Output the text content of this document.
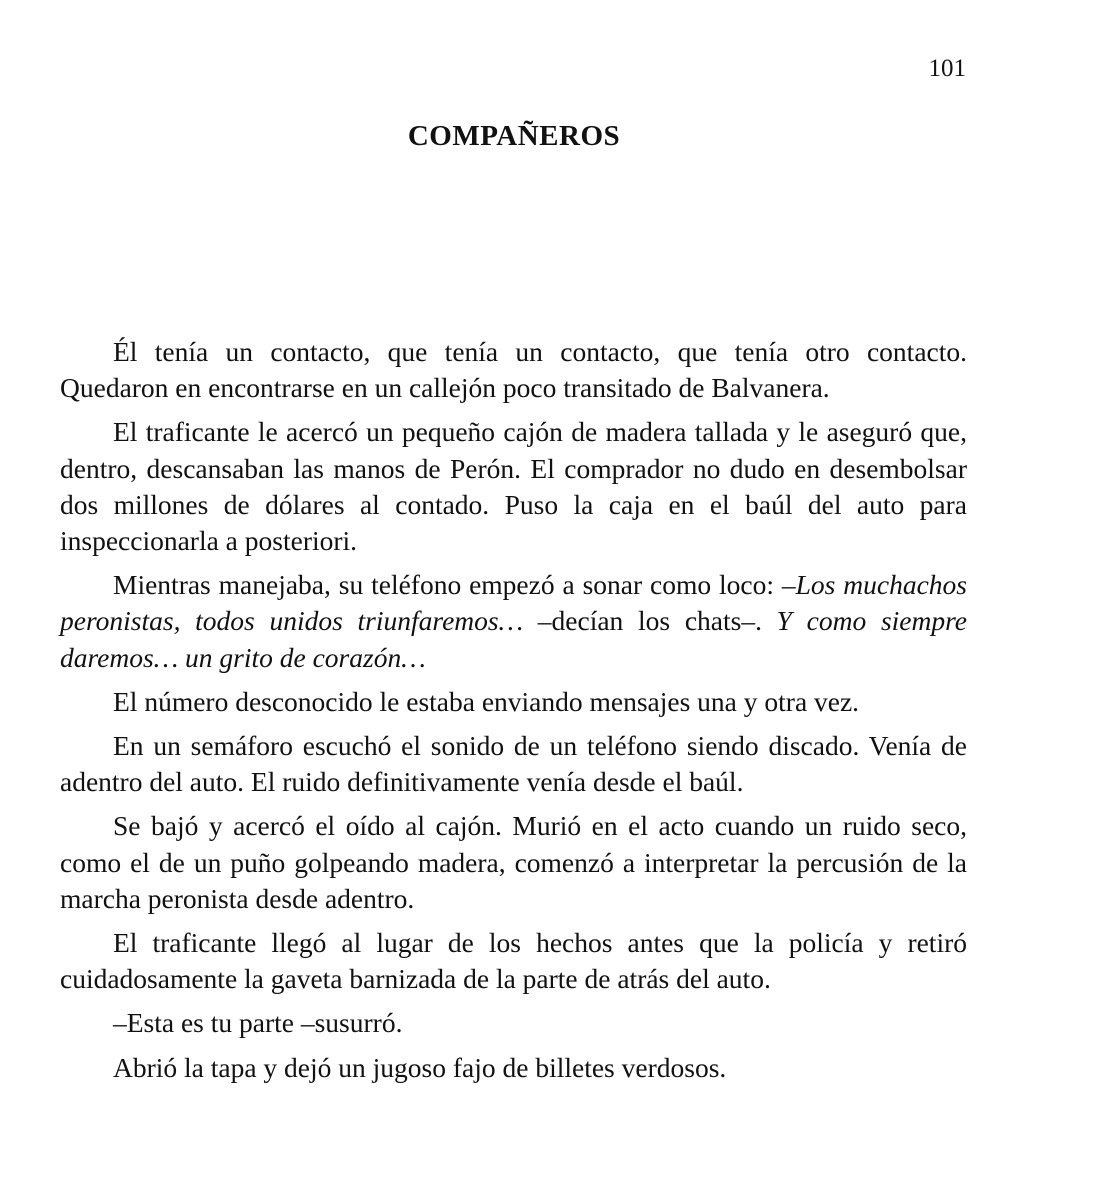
101
COMPAÑEROS

Él tenía un contacto, que tenía un contacto, que tenía otro contacto. Quedaron en encontrarse en un callejón poco transitado de Balvanera.

El traficante le acercó un pequeño cajón de madera tallada y le aseguró que, dentro, descansaban las manos de Perón. El comprador no dudo en desembolsar dos millones de dólares al contado. Puso la caja en el baúl del auto para inspeccionarla a posteriori.

Mientras manejaba, su teléfono empezó a sonar como loco: –Los muchachos peronistas, todos unidos triunfaremos… –decían los chats–. Y como siempre daremos… un grito de corazón…

El número desconocido le estaba enviando mensajes una y otra vez.

En un semáforo escuchó el sonido de un teléfono siendo discado. Venía de adentro del auto. El ruido definitivamente venía desde el baúl.

Se bajó y acercó el oído al cajón. Murió en el acto cuando un ruido seco, como el de un puño golpeando madera, comenzó a interpretar la percusión de la marcha peronista desde adentro.

El traficante llegó al lugar de los hechos antes que la policía y retiró cuidadosamente la gaveta barnizada de la parte de atrás del auto.

–Esta es tu parte –susurró.

Abrió la tapa y dejó un jugoso fajo de billetes verdosos.
